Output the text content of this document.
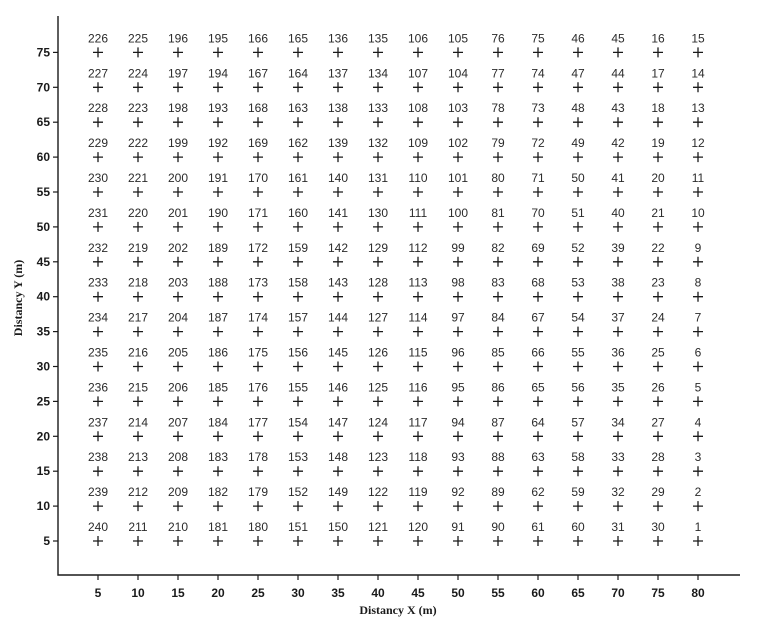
5
10
15
20
25
30
35
40
45
50
55
60
65
70
75
5 10 15 20 25 30 35 40 45 50 55 60 65 70 75 80
1
2
3
4
5
6
7
8
9
10
11
12
13
14
15
16
17
18
19
20
21
22
23
24
25
26
27
28
29
30
31
32
33
34
35
36
37
38
39
40
41
42
43
44
45
46
47
48
49
50
51
52
53
54
55
56
57
58
59
60
61
62
63
64
65
66
67
68
69
70
71
72
73
74
75
76
77
78
79
80
81
82
83
84
85
86
87
88
89
90
91
92
93
94
95
96
97
98
99
100
101
102
103
104
105
106
107
108
109
110
111
112
113
114
115
116
117
118
119
120
121
122
123
124
125
126
127
128
129
130
131
132
133
134
135
136
137
138
139
140
141
142
143
144
145
146
147
148
149
150
151
152
153
154
155
156
157
158
159
160
161
162
163
164
165
166
167
168
169
170
171
172
173
174
175
176
177
178
179
180
181
182
183
184
185
186
187
188
189
190
191
192
193
194
195
196
197
198
199
200
201
202
203
204
205
206
207
208
209
210
211
212
213
214
215
216
217
218
219
220
221
222
223
224
225
226
227
228
229
230
231
232
233
234
235
236
237
238
239
240
Distancy X (m)
Distancy Y (m)
